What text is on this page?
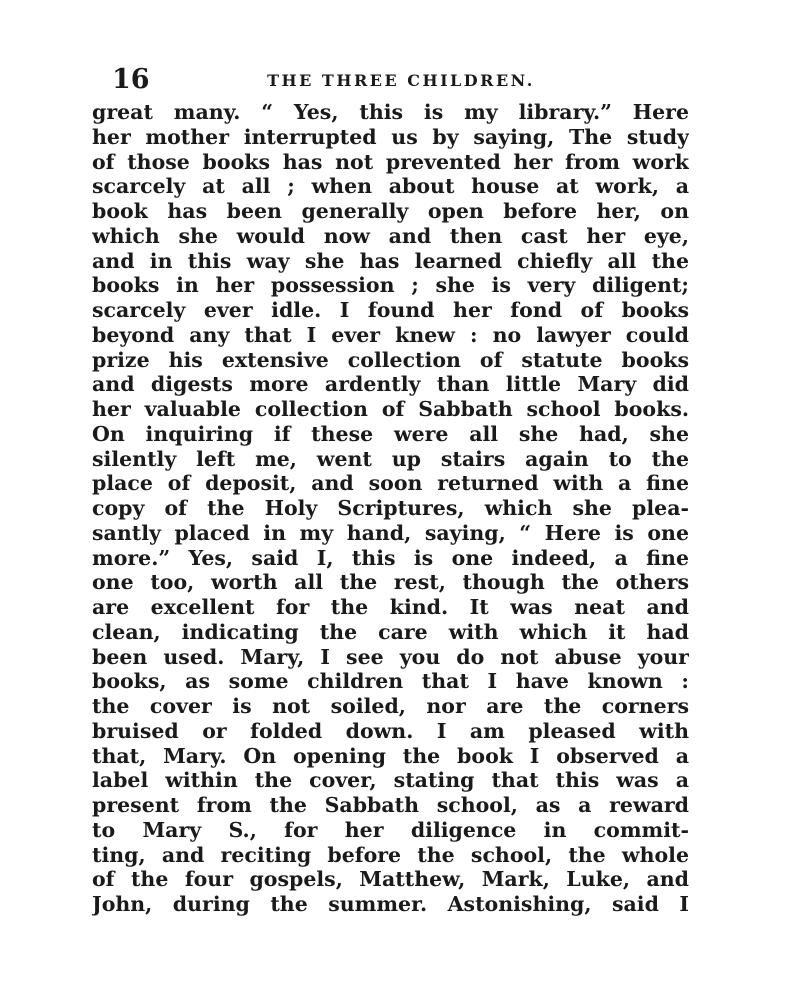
16	THE THREE CHILDREN.
great many. “ Yes, this is my library.” Here
her mother interrupted us by saying, The study
of those books has not prevented her from work
scarcely at all ; when about house at work, a
book has been generally open before her, on
which she would now and then cast her eye,
and in this way she has learned chiefly all the
books in her possession ; she is very diligent;
scarcely ever idle. I found her fond of books
beyond any that I ever knew : no lawyer could
prize his extensive collection of statute books
and digests more ardently than little Mary did
her valuable collection of Sabbath school books.
On inquiring if these were all she had, she
silently left me, went up stairs again to the
place of deposit, and soon returned with a fine
copy of the Holy Scriptures, which she plea-
santly placed in my hand, saying, “ Here is one
more.” Yes, said I, this is one indeed, a fine
one too, worth all the rest, though the others
are excellent for the kind. It was neat and
clean, indicating the care with which it had
been used. Mary, I see you do not abuse your
books, as some children that I have known :
the cover is not soiled, nor are the corners
bruised or folded down. I am pleased with
that, Mary. On opening the book I observed a
label within the cover, stating that this was a
present from the Sabbath school, as a reward
to Mary S., for her diligence in commit-
ting, and reciting before the school, the whole
of the four gospels, Matthew, Mark, Luke, and
John, during the summer. Astonishing, said I
